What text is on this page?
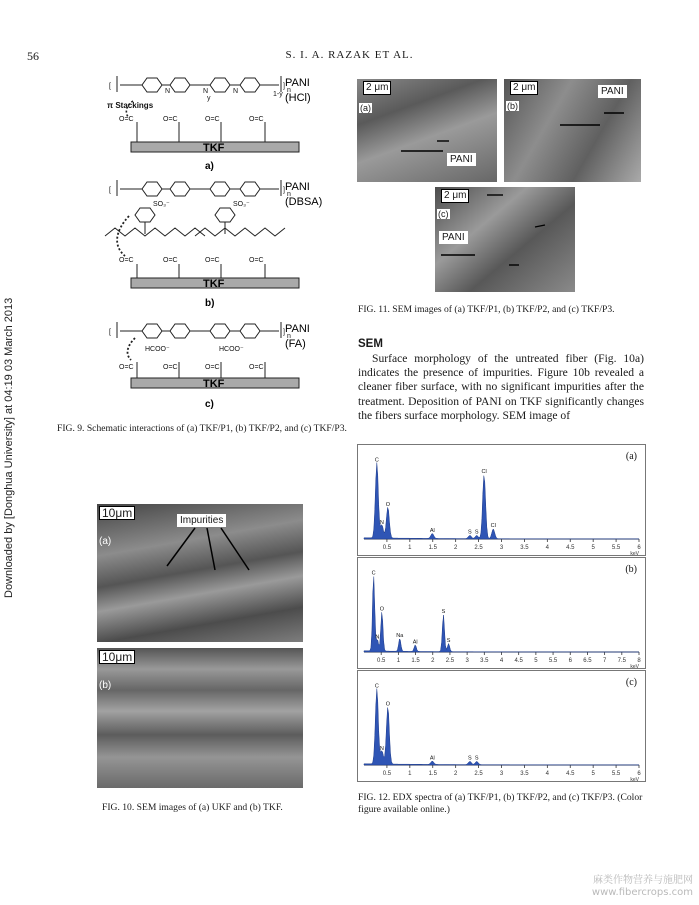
56	S. I. A. RAZAK ET AL.
Downloaded by [Donghua University] at 04:19 03 March 2013
[	]
n
N	N	N
y
1-y
π Stackings
O=C	O=C	O=C	O=C
PANI
(HCl)
TKF
a)
[	]
n
SO₃⁻	SO₃⁻
O=C	O=C	O=C	O=C
PANI
(DBSA)
TKF
b)
[	]
n
HCOO⁻	HCOO⁻
O=C	O=C	O=C	O=C
PANI
(FA)
TKF
c)
FIG. 9. Schematic interactions of (a) TKF/P1, (b) TKF/P2, and (c) TKF/P3.
10μm
(a)
Impurities
10μm
(b)
FIG. 10. SEM images of (a) UKF and (b) TKF.
2 μm
(a)
PANI
2 μm
(b)
PANI
2 μm
(c)
PANI
FIG. 11. SEM images of (a) TKF/P1, (b) TKF/P2, and (c) TKF/P3.
SEM
Surface morphology of the untreated fiber (Fig. 10a) indicates the presence of impurities. Figure 10b revealed a cleaner fiber surface, with no significant impurities after the treatment. Deposition of PANI on TKF significantly changes the fibers surface morphology. SEM image of
0.5	1	1.5	2	2.5	3	3.5	4	4.5	5	5.5	6
keV
(a)
C
O
N
Al	S S
Cl
Cl
0.5 1 1.5 2 2.5 3 3.5 4 4.5 5 5.5 6 6.5 7 7.5 8
keV
(b)
C
O
N	Na
Al
S
S
0.5	1	1.5	2	2.5	3	3.5	4	4.5	5	5.5	6
keV
(c)
C
O
N
Al	S S
FIG. 12. EDX spectra of (a) TKF/P1, (b) TKF/P2, and (c) TKF/P3. (Color figure available online.)
麻类作物营养与施肥网
www.fibercrops.com
